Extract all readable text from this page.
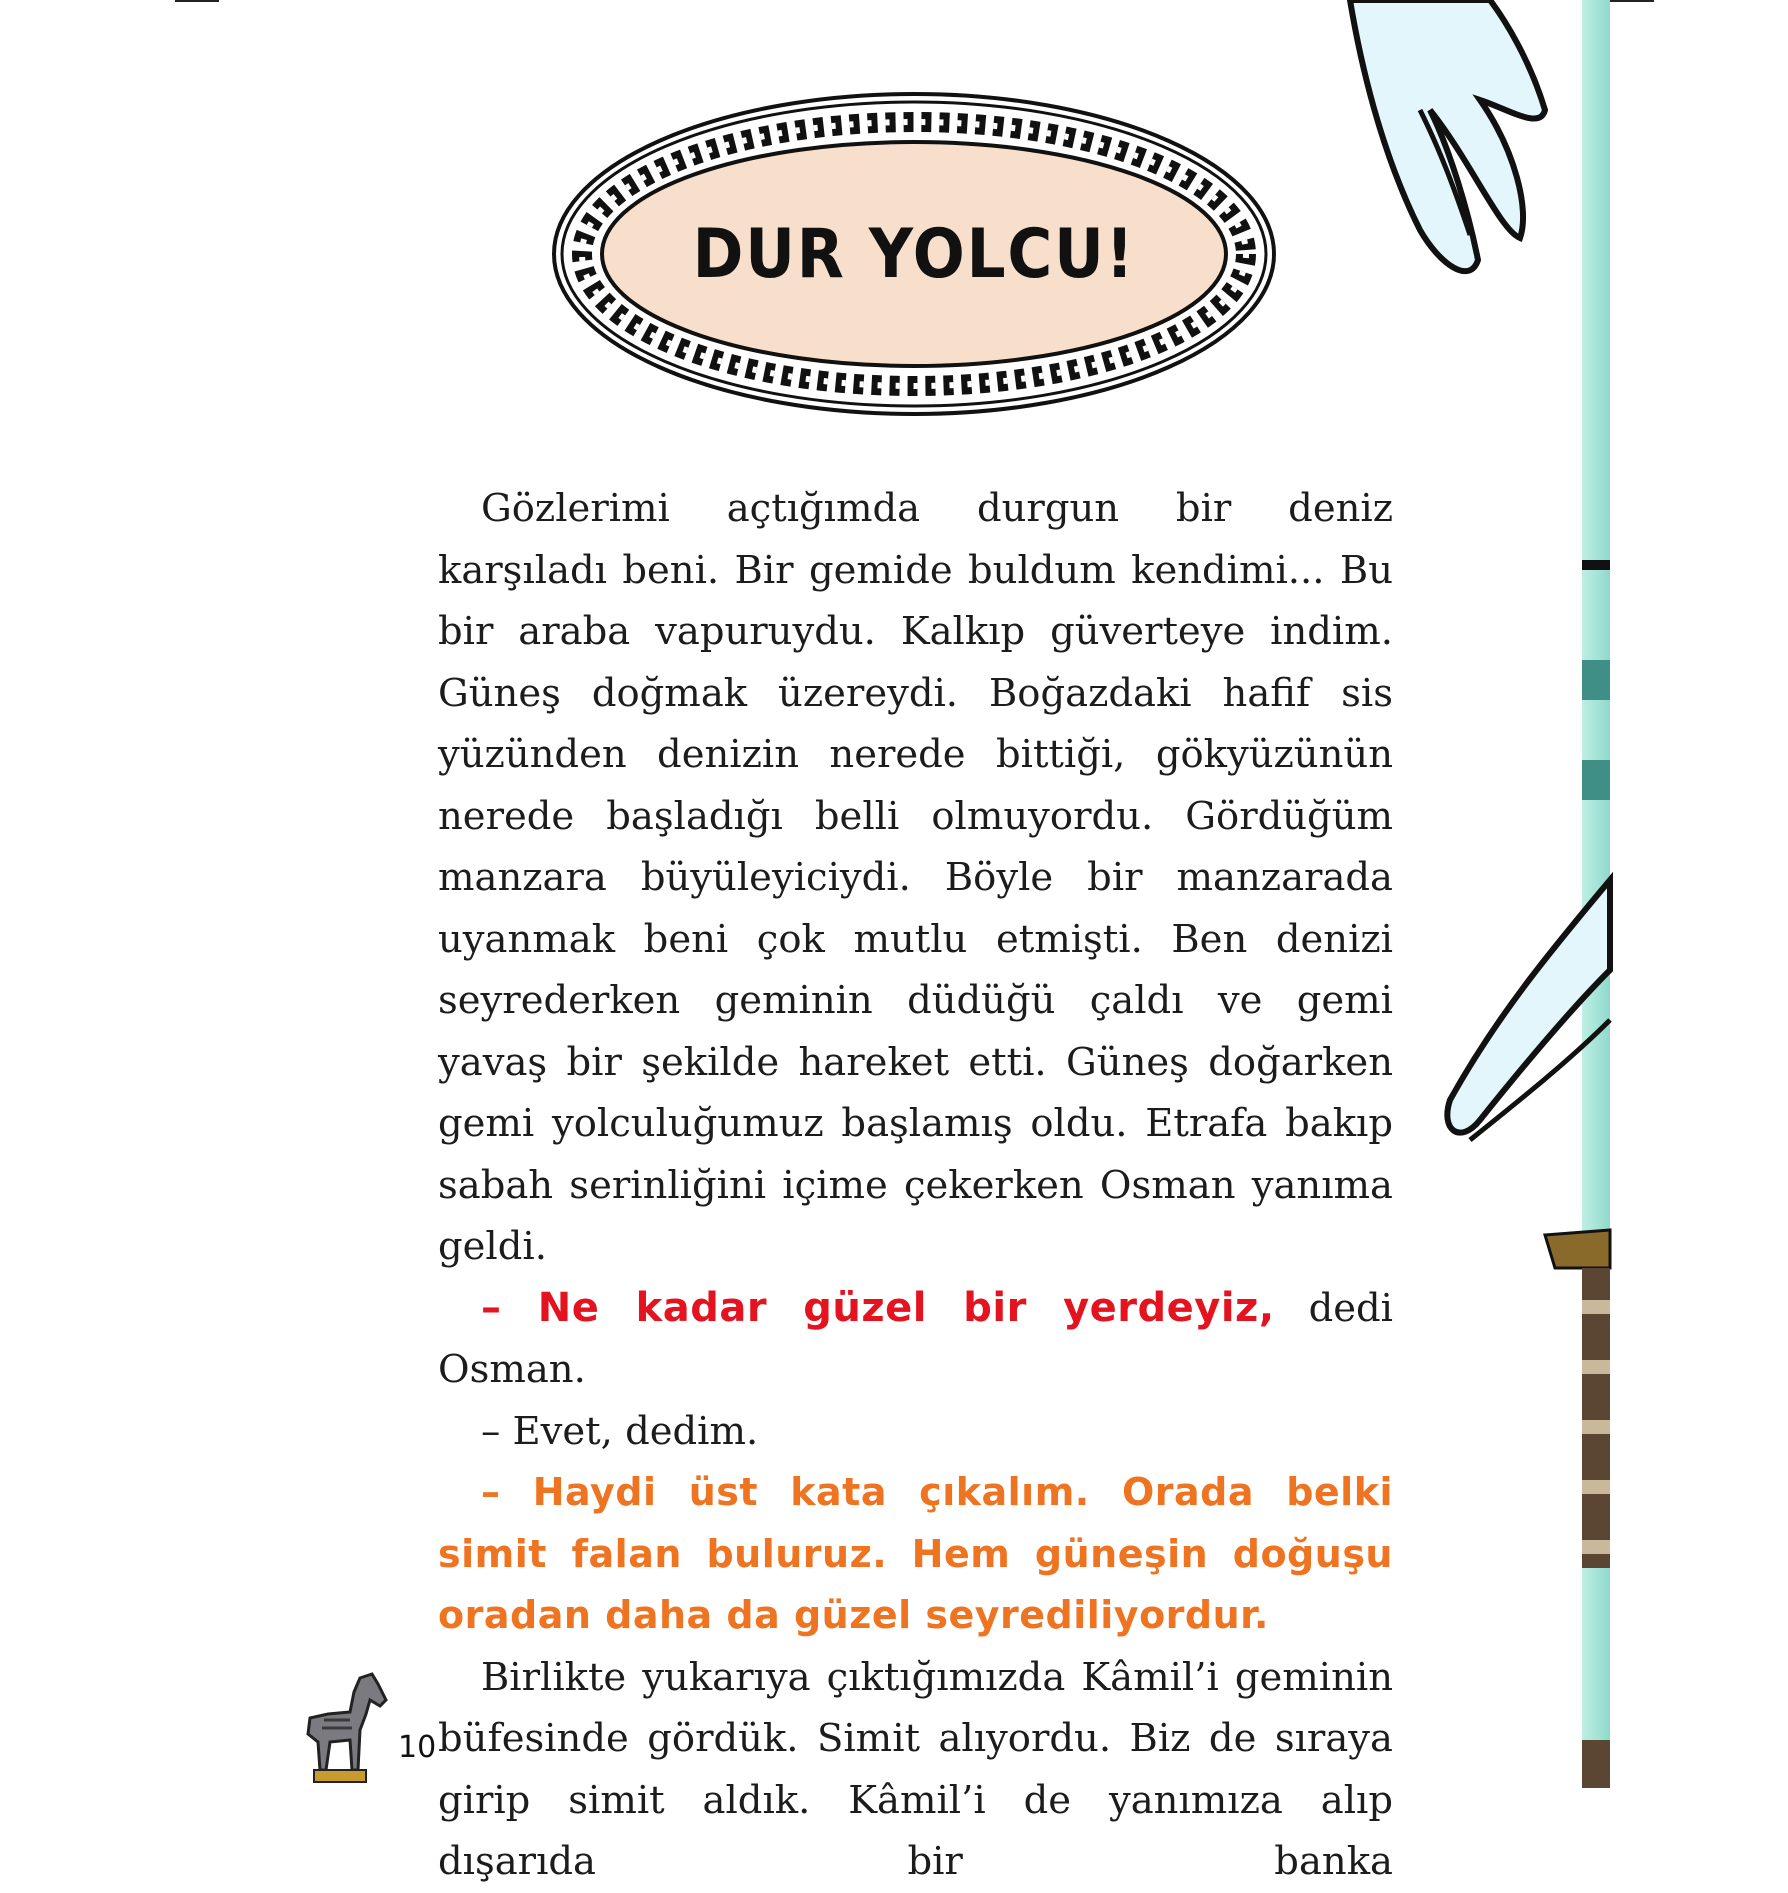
DUR YOLCU!

Gözlerimi açtığımda durgun bir deniz karşıladı beni. Bir gemide buldum kendimi... Bu bir araba vapuruydu. Kalkıp güverteye indim. Güneş doğmak üzereydi. Boğazdaki hafif sis yüzünden denizin nerede bittiği, gökyüzünün nerede başladığı belli olmuyordu. Gördüğüm manzara büyüleyiciydi. Böyle bir manzarada uyanmak beni çok mutlu etmişti. Ben denizi seyrederken geminin düdüğü çaldı ve gemi yavaş bir şekilde hareket etti. Güneş doğarken gemi yolculuğumuz başlamış oldu. Etrafa bakıp sabah serinliğini içime çekerken Osman yanıma geldi.

– Ne kadar güzel bir yerdeyiz, dedi Osman.

– Evet, dedim.

– Haydi üst kata çıkalım. Orada belki simit falan buluruz. Hem güneşin doğuşu oradan daha da güzel seyrediliyordur.

Birlikte yukarıya çıktığımızda Kâmil’i geminin büfesinde gördük. Simit alıyordu. Biz de sıraya girip simit aldık. Kâmil’i de yanımıza alıp dışarıda bir banka

10
